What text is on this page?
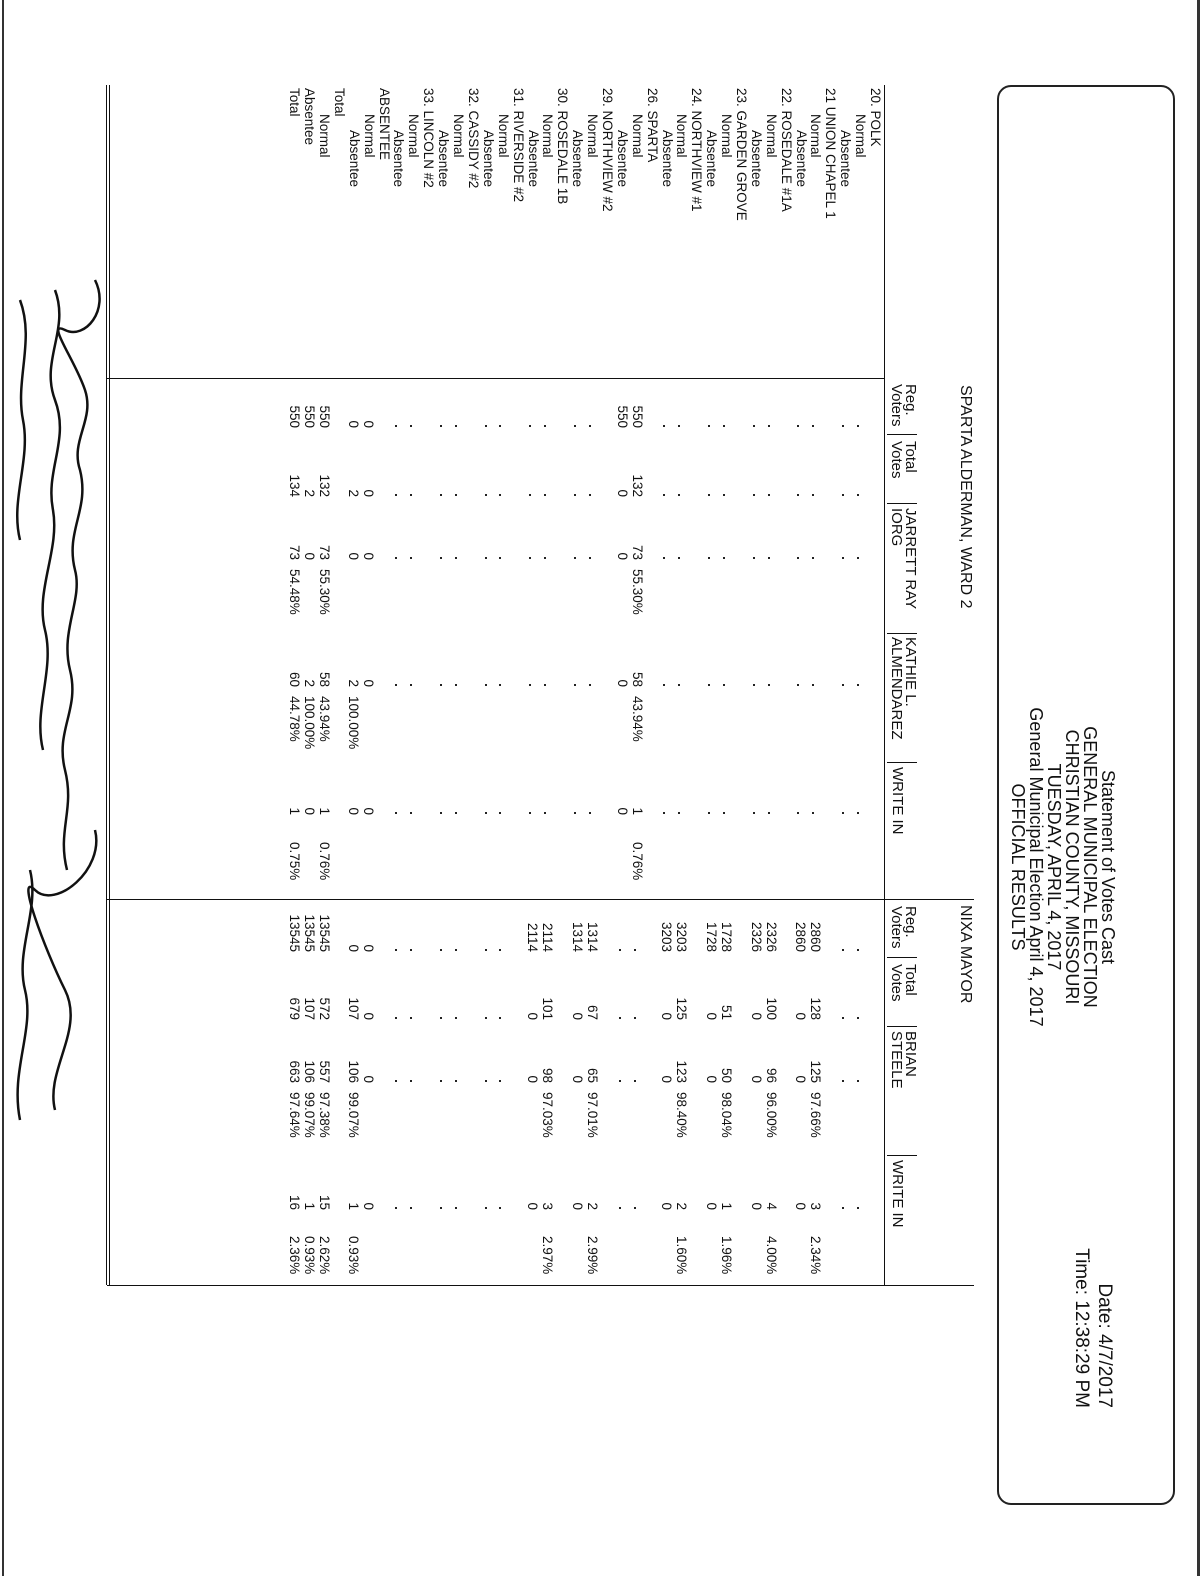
Statement of Votes Cast
GENERAL MUNICIPAL ELECTION
CHRISTIAN COUNTY, MISSOURI
TUESDAY, APRIL 4, 2017
General Municipal Election April 4, 2017
OFFICIAL RESULTS
Date: 4/7/2017
Time: 12:38:29 PM
SPARTA ALDERMAN, WARD 2
NIXA MAYOR
Reg.
Voters
Total
Votes
JARRETT RAY
IORG
KATHIE L.
ALMENDAREZ
WRITE IN
Reg.
Voters
Total
Votes
BRIAN
STEELE
WRITE IN
20. POLK
Normal
Absentee
21 UNION CHAPEL 1
Normal
Absentee
22. ROSEDALE #1A
Normal
Absentee
23. GARDEN GROVE
Normal
Absentee
24. NORTHVIEW #1
Normal
Absentee
26. SPARTA
Normal
Absentee
29. NORTHVIEW #2
Normal
Absentee
30. ROSEDALE 1B
Normal
Absentee
31. RIVERSIDE #2
Normal
Absentee
32. CASSIDY #2
Normal
Absentee
33. LINCOLN #2
Normal
Absentee
ABSENTEE
Normal
Absentee
Total
Normal
Absentee
Total
2860
128
125
97.66%
3
2.34%
2860
0
0
0
2326
100
96
96.00%
4
4.00%
2326
0
0
0
1728
51
50
98.04%
1
1.96%
1728
0
0
0
3203
125
123
98.40%
2
1.60%
3203
0
0
0
550
132
73
55.30%
58
43.94%
1
0.76%
550
0
0
0
0
1314
67
65
97.01%
2
2.99%
1314
0
0
0
2114
101
98
97.03%
3
2.97%
2114
0
0
0
0
0
0
0
0
0
0
0
0
0
2
0
2
100.00%
0
0
107
106
99.07%
1
0.93%
550
132
73
55.30%
58
43.94%
1
0.76%
13545
572
557
97.38%
15
2.62%
550
2
0
2
100.00%
0
13545
107
106
99.07%
1
0.93%
550
134
73
54.48%
60
44.78%
1
0.75%
13545
679
663
97.64%
16
2.36%
